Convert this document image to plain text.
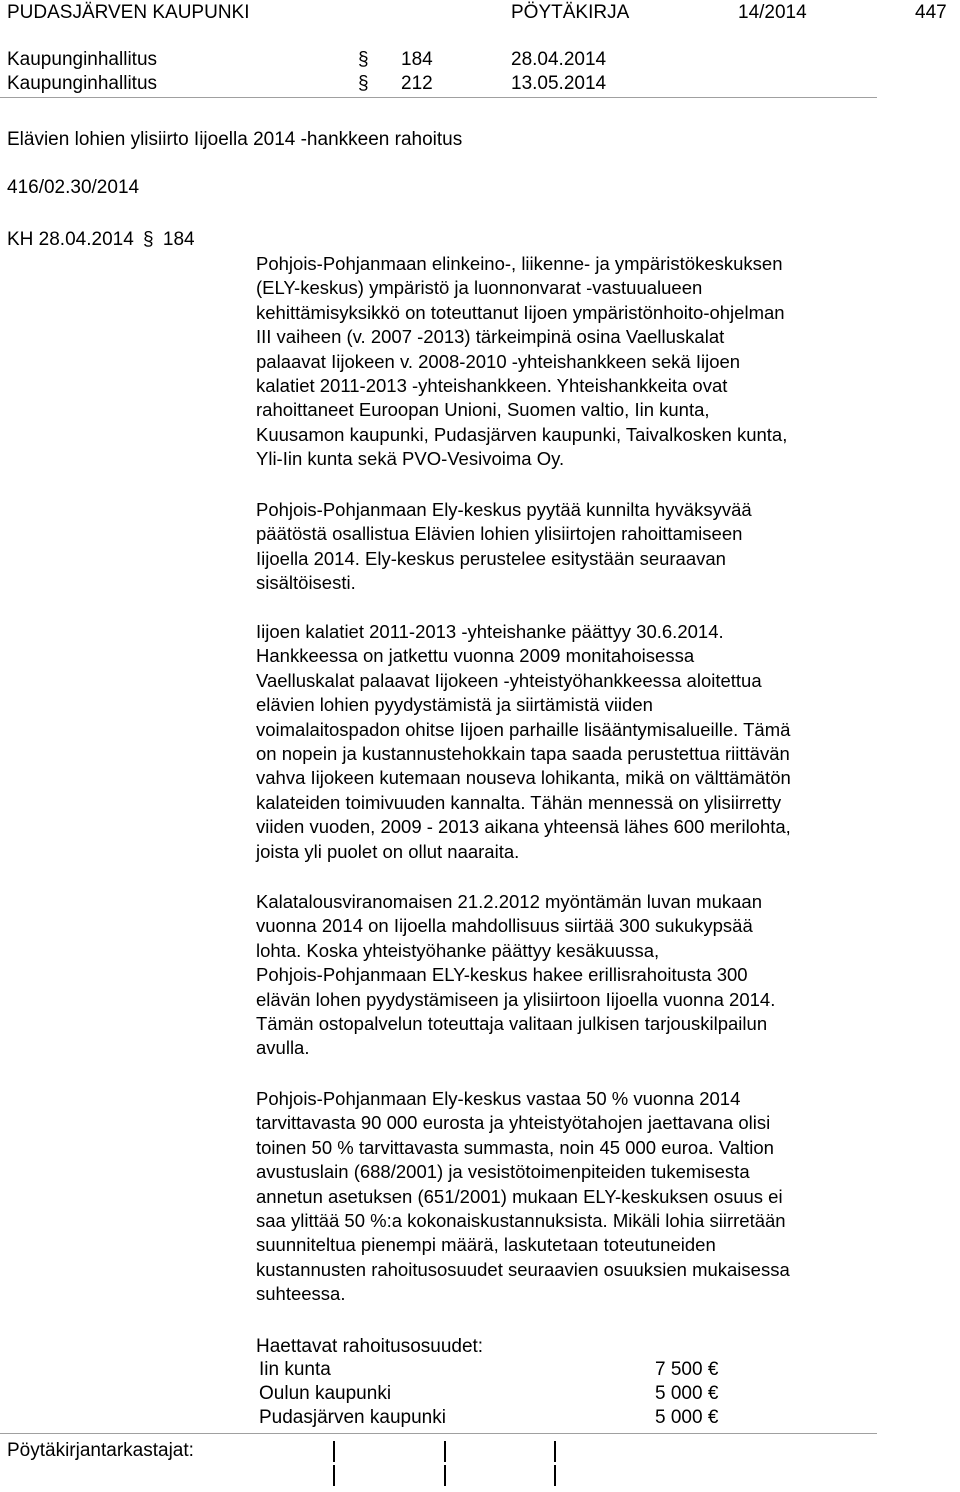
PUDASJÄRVEN KAUPUNKI	PÖYTÄKIRJA	14/2014	447
Kaupunginhallitus	§ 184	28.04.2014
Kaupunginhallitus	§ 212	13.05.2014
Elävien lohien ylisiirto Iijoella 2014 -hankkeen rahoitus
416/02.30/2014
KH 28.04.2014 § 184
Pohjois-Pohjanmaan elinkeino-, liikenne- ja ympäristökeskuksen
(ELY-keskus) ympäristö ja luonnonvarat -vastuualueen
kehittämisyksikkö on toteuttanut Iijoen ympäristönhoito-ohjelman
III vaiheen (v. 2007 -2013) tärkeimpinä osina Vaelluskalat
palaavat Iijokeen v. 2008-2010 -yhteishankkeen sekä Iijoen
kalatiet 2011-2013 -yhteishankkeen. Yhteishankkeita ovat
rahoittaneet Euroopan Unioni, Suomen valtio, Iin kunta,
Kuusamon kaupunki, Pudasjärven kaupunki, Taivalkosken kunta,
Yli-Iin kunta sekä PVO-Vesivoima Oy.
Pohjois-Pohjanmaan Ely-keskus pyytää kunnilta hyväksyvää
päätöstä osallistua Elävien lohien ylisiirtojen rahoittamiseen
Iijoella 2014. Ely-keskus perustelee esitystään seuraavan
sisältöisesti.
Iijoen kalatiet 2011-2013 -yhteishanke päättyy 30.6.2014.
Hankkeessa on jatkettu vuonna 2009 monitahoisessa
Vaelluskalat palaavat Iijokeen -yhteistyöhankkeessa aloitettua
elävien lohien pyydystämistä ja siirtämistä viiden
voimalaitospadon ohitse Iijoen parhaille lisääntymisalueille. Tämä
on nopein ja kustannustehokkain tapa saada perustettua riittävän
vahva Iijokeen kutemaan nouseva lohikanta, mikä on välttämätön
kalateiden toimivuuden kannalta. Tähän mennessä on ylisiirretty
viiden vuoden, 2009 - 2013 aikana yhteensä lähes 600 merilohta,
joista yli puolet on ollut naaraita.
Kalatalousviranomaisen 21.2.2012 myöntämän luvan mukaan
vuonna 2014 on Iijoella mahdollisuus siirtää 300 sukukypsää
lohta. Koska yhteistyöhanke päättyy kesäkuussa,
Pohjois-Pohjanmaan ELY-keskus hakee erillisrahoitusta 300
elävän lohen pyydystämiseen ja ylisiirtoon Iijoella vuonna 2014.
Tämän ostopalvelun toteuttaja valitaan julkisen tarjouskilpailun
avulla.
Pohjois-Pohjanmaan Ely-keskus vastaa 50 % vuonna 2014
tarvittavasta 90 000 eurosta ja yhteistyötahojen jaettavana olisi
toinen 50 % tarvittavasta summasta, noin 45 000 euroa. Valtion
avustuslain (688/2001) ja vesistötoimenpiteiden tukemisesta
annetun asetuksen (651/2001) mukaan ELY-keskuksen osuus ei
saa ylittää 50 %:a kokonaiskustannuksista. Mikäli lohia siirretään
suunniteltua pienempi määrä, laskutetaan toteutuneiden
kustannusten rahoitusosuudet seuraavien osuuksien mukaisessa
suhteessa.
Haettavat rahoitusosuudet:
Iin kunta	7 500 €
Oulun kaupunki	5 000 €
Pudasjärven kaupunki	5 000 €
Pöytäkirjantarkastajat:
